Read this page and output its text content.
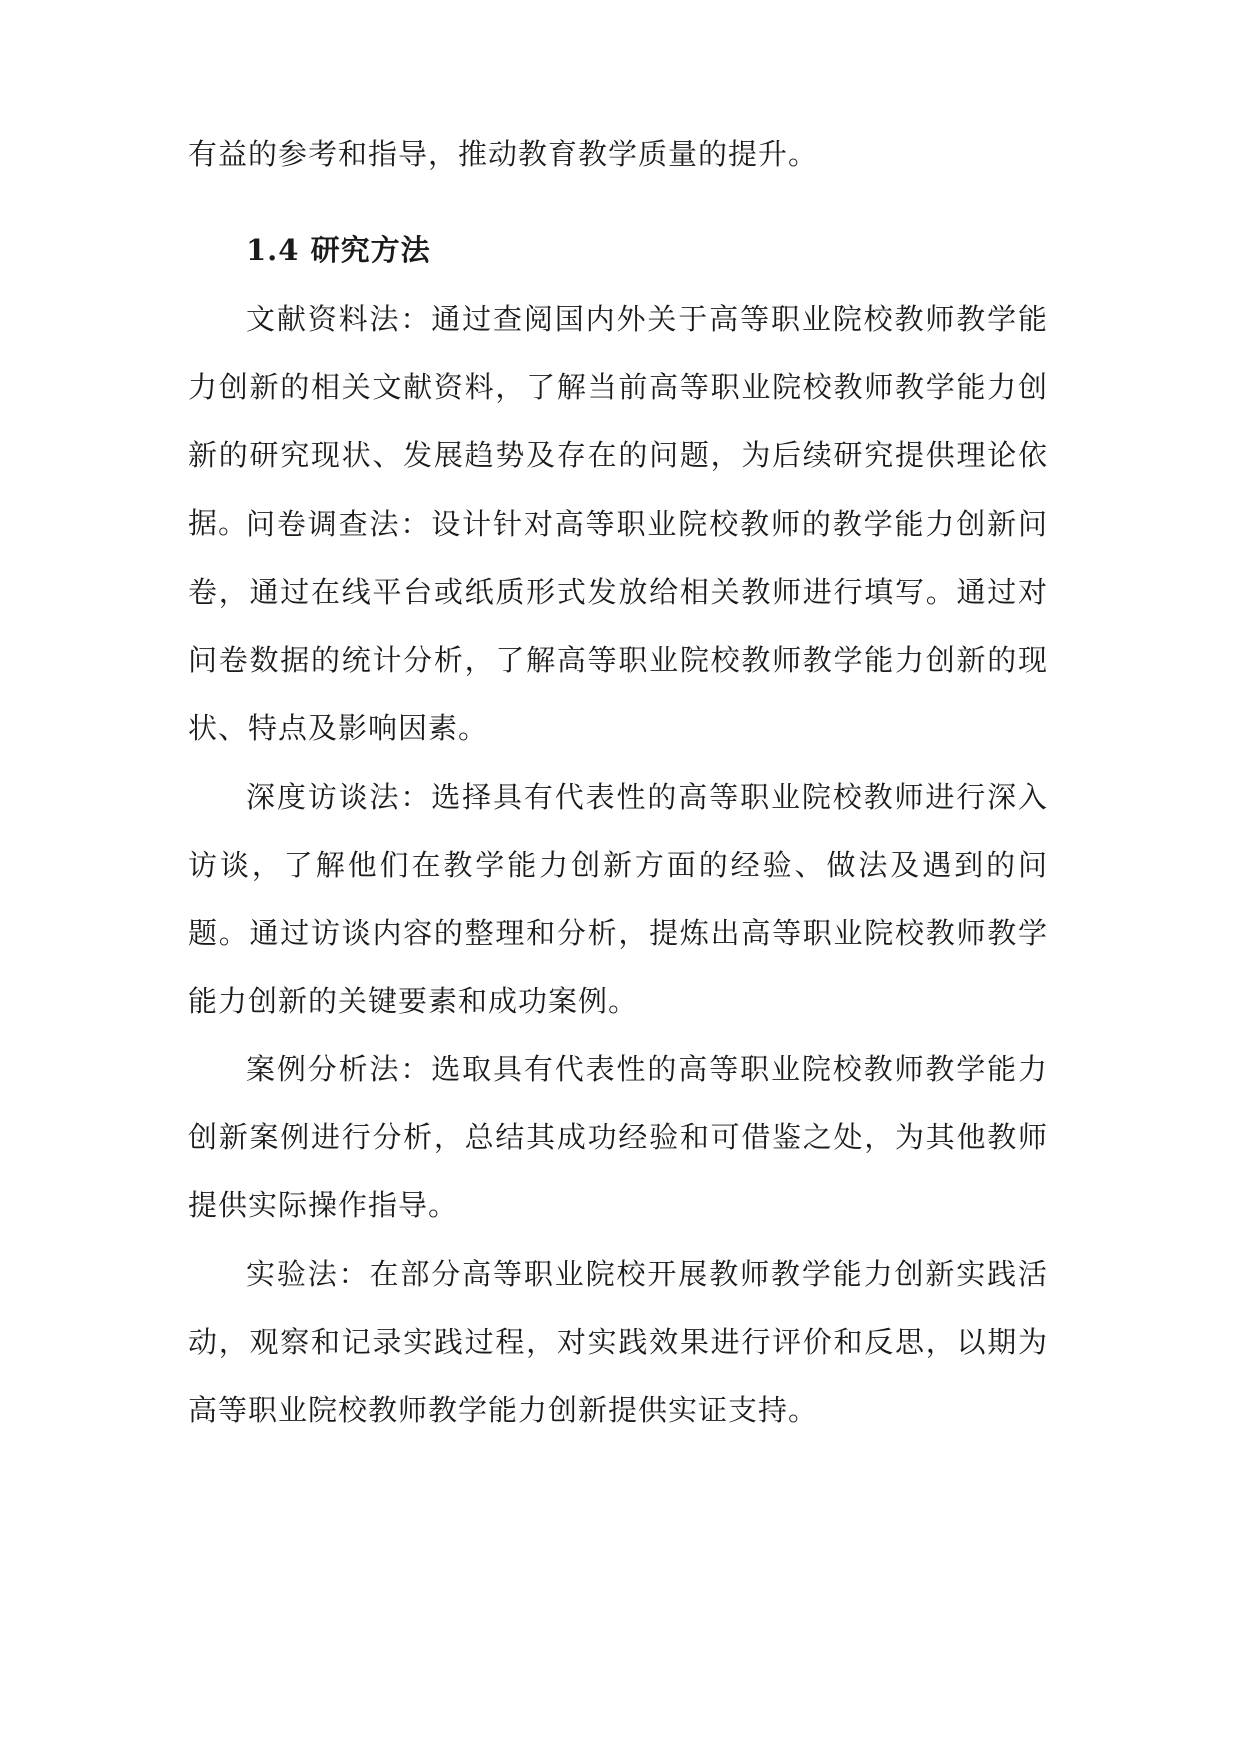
有益的参考和指导，推动教育教学质量的提升。

1.4 研究方法

文献资料法：通过查阅国内外关于高等职业院校教师教学能力创新的相关文献资料，了解当前高等职业院校教师教学能力创新的研究现状、发展趋势及存在的问题，为后续研究提供理论依据。

问卷调查法：设计针对高等职业院校教师的教学能力创新问卷，通过在线平台或纸质形式发放给相关教师进行填写。通过对问卷数据的统计分析，了解高等职业院校教师教学能力创新的现状、特点及影响因素。

深度访谈法：选择具有代表性的高等职业院校教师进行深入访谈，了解他们在教学能力创新方面的经验、做法及遇到的问题。通过访谈内容的整理和分析，提炼出高等职业院校教师教学能力创新的关键要素和成功案例。

案例分析法：选取具有代表性的高等职业院校教师教学能力创新案例进行分析，总结其成功经验和可借鉴之处，为其他教师提供实际操作指导。

实验法：在部分高等职业院校开展教师教学能力创新实践活动，观察和记录实践过程，对实践效果进行评价和反思，以期为高等职业院校教师教学能力创新提供实证支持。
